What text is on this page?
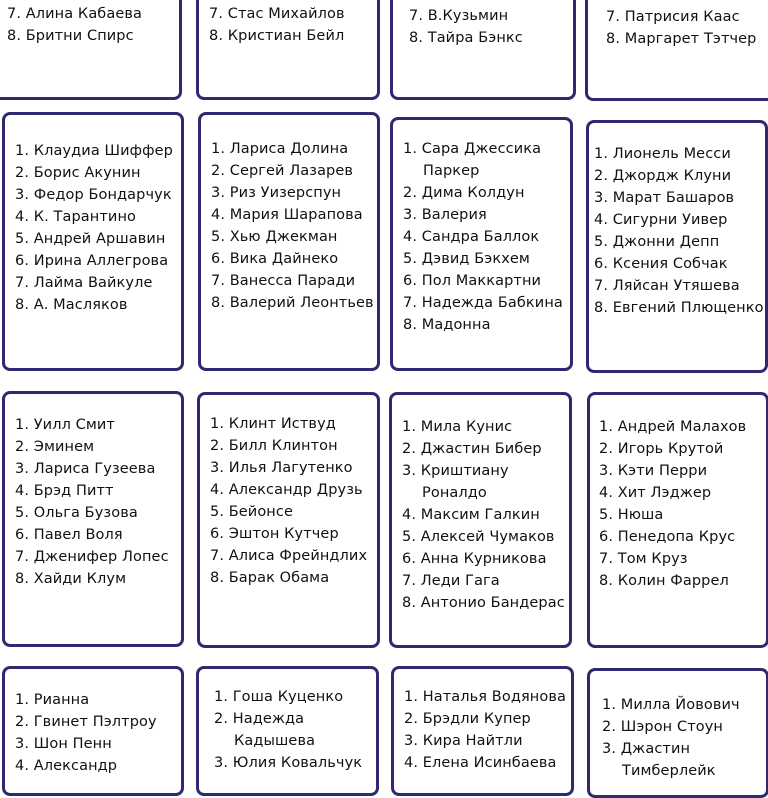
7. Алина Кабаева
8. Бритни Спирс
7. Стас Михайлов
8. Кристиан Бейл
7. В.Кузьмин
8. Тайра Бэнкс
7. Патрисия Каас
8. Маргарет Тэтчер
1. Клаудиа Шиффер
2. Борис Акунин
3. Федор Бондарчук
4. К. Тарантино
5. Андрей Аршавин
6. Ирина Аллегрова
7. Лайма Вайкуле
8. А. Масляков
1. Лариса Долина
2. Сергей Лазарев
3. Риз Уизерспун
4. Мария Шарапова
5. Хью Джекман
6. Вика Дайнеко
7. Ванесса Паради
8. Валерий Леонтьев
1. Сара Джессика
Паркер
2. Дима Колдун
3. Валерия
4. Сандра Баллок
5. Дэвид Бэкхем
6. Пол Маккартни
7. Надежда Бабкина
8. Мадонна
1. Лионель Месси
2. Джордж Клуни
3. Марат Башаров
4. Сигурни Уивер
5. Джонни Депп
6. Ксения Собчак
7. Ляйсан Утяшева
8. Евгений Плющенко
1. Уилл Смит
2. Эминем
3. Лариса Гузеева
4. Брэд Питт
5. Ольга Бузова
6. Павел Воля
7. Дженифер Лопес
8. Хайди Клум
1. Клинт Иствуд
2. Билл Клинтон
3. Илья Лагутенко
4. Александр Друзь
5. Бейонсе
6. Эштон Кутчер
7. Алиса Фрейндлих
8. Барак Обама
1. Мила Кунис
2. Джастин Бибер
3. Криштиану
Роналдо
4. Максим Галкин
5. Алексей Чумаков
6. Анна Курникова
7. Леди Гага
8. Антонио Бандерас
1. Андрей Малахов
2. Игорь Крутой
3. Кэти Перри
4. Хит Лэджер
5. Нюша
6. Пенедопа Крус
7. Том Круз
8. Колин Фаррел
1. Рианна
2. Гвинет Пэлтроу
3. Шон Пенн
4. Александр
1. Гоша Куценко
2. Надежда
Кадышева
3. Юлия Ковальчук
1. Наталья Водянова
2. Брэдли Купер
3. Кира Найтли
4. Елена Исинбаева
1. Милла Йовович
2. Шэрон Стоун
3. Джастин
Тимберлейк
